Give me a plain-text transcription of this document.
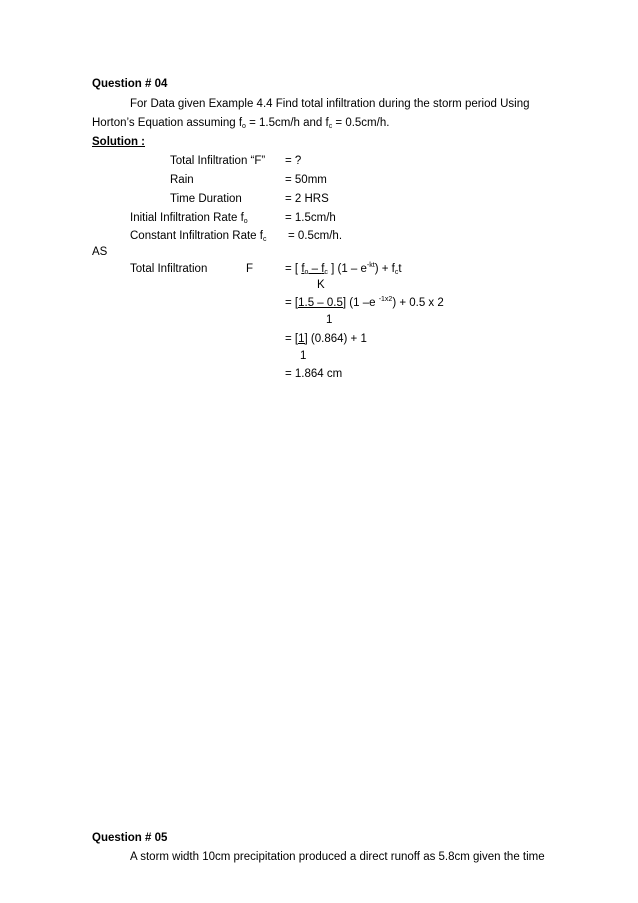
Question # 04
For Data given Example 4.4 Find total infiltration during the storm period Using
Horton’s Equation assuming $f_o = 1.5cm/h$ and $f_c = 0.5cm/h$.
Solution :
Total Infiltration “F” = ?
Rain	= 50mm
Time Duration	= 2 HRS
Initial Infiltration Rate $f_o$	= 1.5cm/h
Constant Infiltration Rate $f_c = 0.5cm/h$.
AS
Total Infiltration	F	= [ $f_o - f_c$ ] $(1 - e^{-kt}) + f_ct$
K
= [1.5 – 0.5] (1 –e $^{-1x2}$) + 0.5 x 2
1
= [1] (0.864) + 1
1
= 1.864 cm
Question # 05
A storm width 10cm precipitation produced a direct runoff as 5.8cm given the time
